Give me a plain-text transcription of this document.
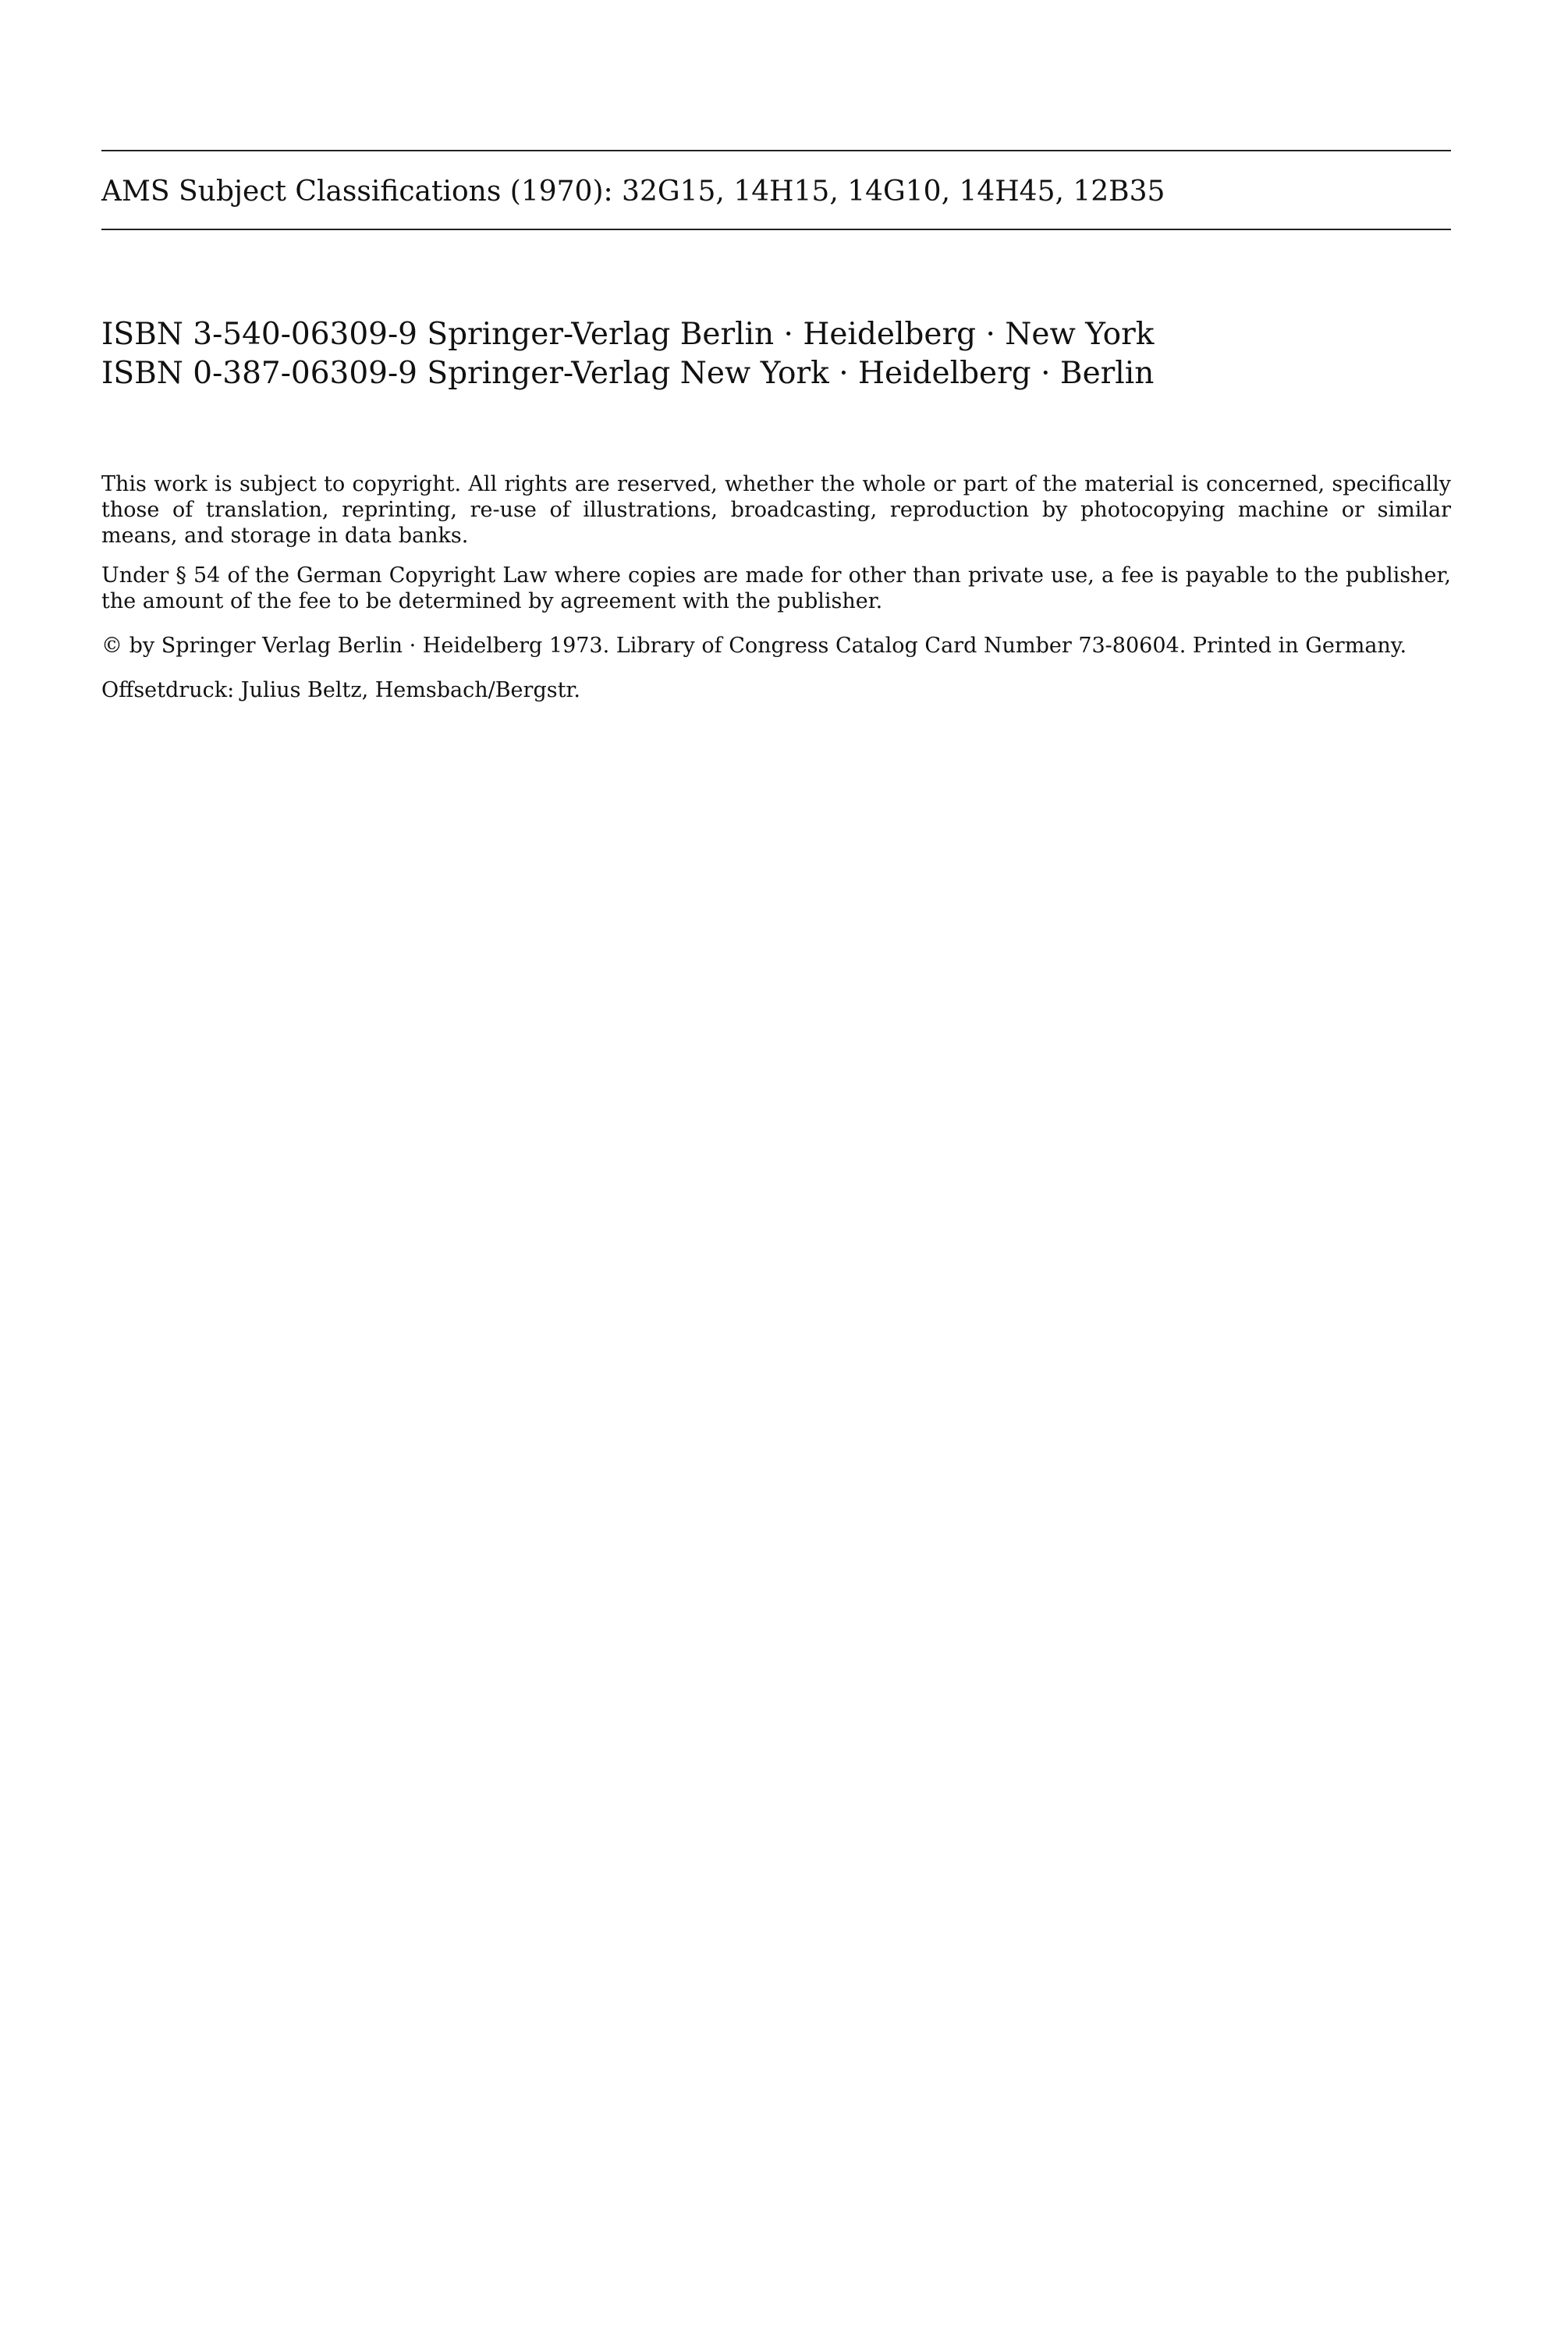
AMS Subject Classifications (1970): 32G15, 14H15, 14G10, 14H45, 12B35
ISBN 3-540-06309-9 Springer-Verlag Berlin · Heidelberg · New York
ISBN 0-387-06309-9 Springer-Verlag New York · Heidelberg · Berlin

This work is subject to copyright. All rights are reserved, whether the whole or part of the material is concerned, specifically those of translation, reprinting, re-use of illustrations, broadcasting, reproduction by photocopying machine or similar means, and storage in data banks.

Under § 54 of the German Copyright Law where copies are made for other than private use, a fee is payable to the publisher, the amount of the fee to be determined by agreement with the publisher.

© by Springer Verlag Berlin · Heidelberg 1973. Library of Congress Catalog Card Number 73-80604. Printed in Germany.

Offsetdruck: Julius Beltz, Hemsbach/Bergstr.
